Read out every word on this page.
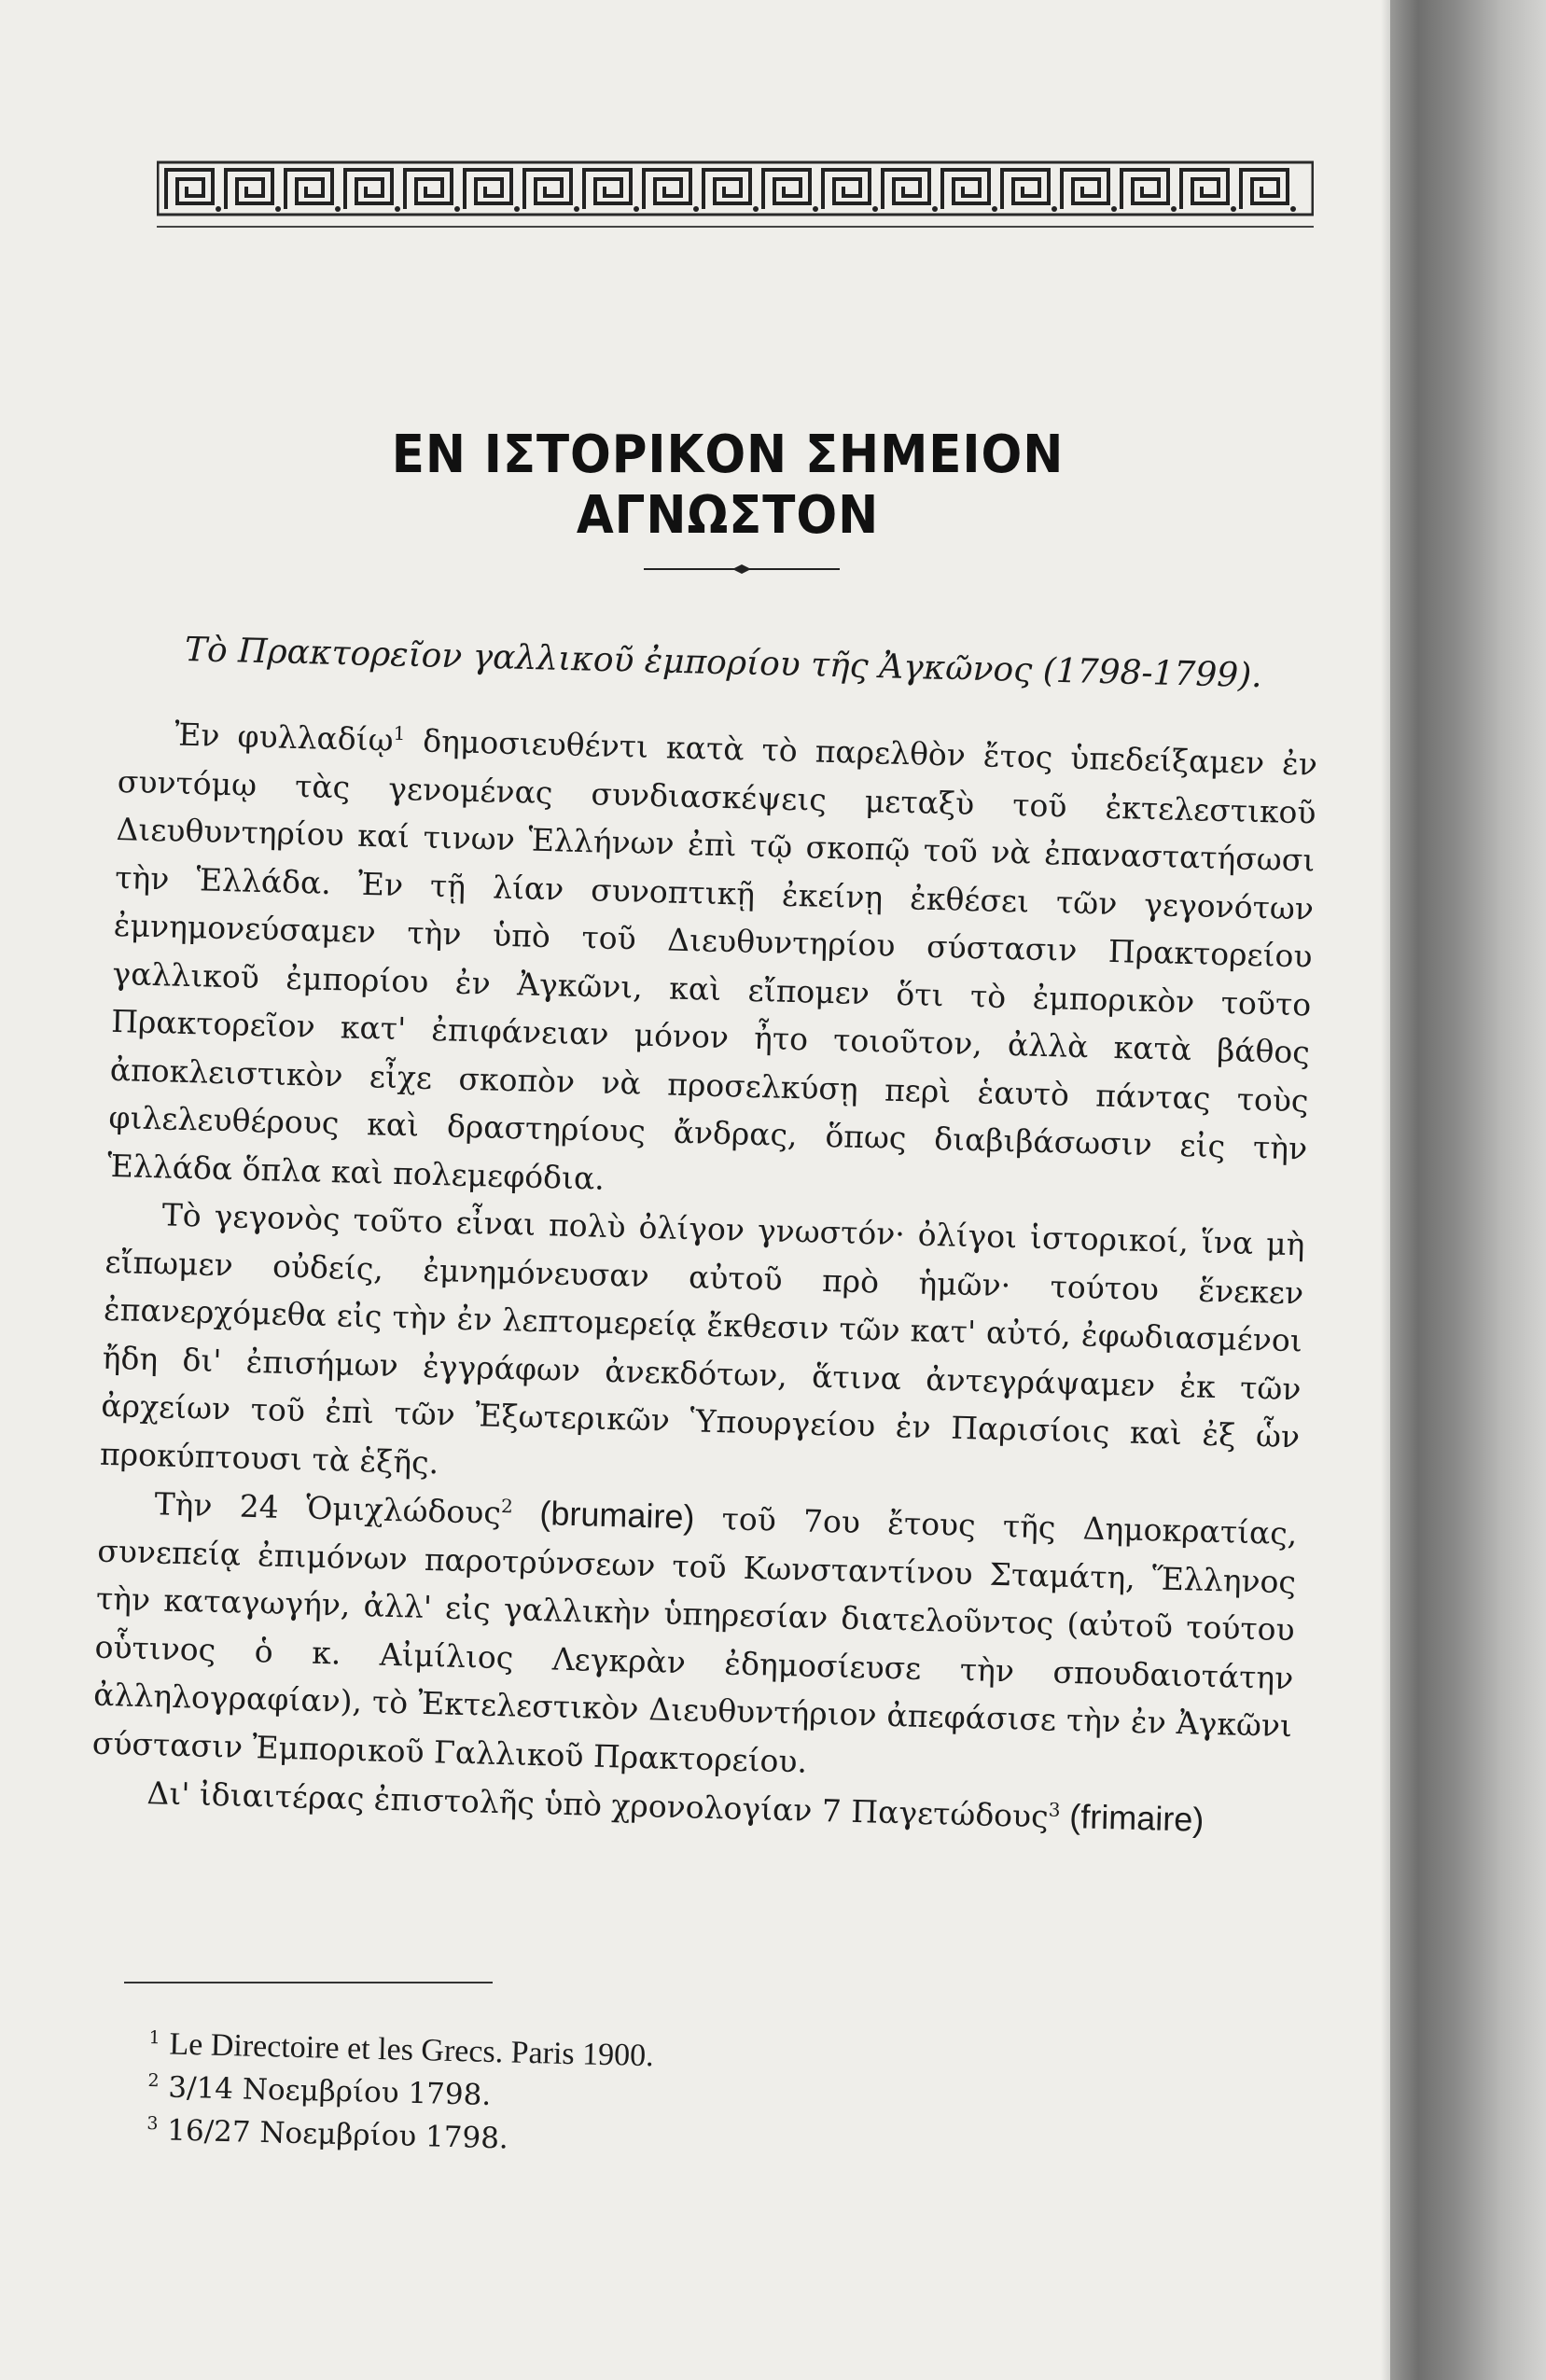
ΕΝ ΙΣΤΟΡΙΚΟΝ ΣΗΜΕΙΟΝ ΑΓΝΩΣΤΟΝ
Τὸ Πρακτορεῖον γαλλικοῦ ἐμπορίου τῆς Ἀγκῶνος (1798-1799).

Ἐν φυλλαδίῳ$^1$ δημοσιευθέντι κατὰ τὸ παρελθὸν ἔτος ὑπεδείξαμεν ἐν συντόμῳ τὰς γενομένας συνδιασκέψεις μεταξὺ τοῦ ἐκτελεστικοῦ Διευθυντηρίου καί τινων Ἑλλήνων ἐπὶ τῷ σκοπῷ τοῦ νὰ ἐπαναστατήσωσι τὴν Ἑλλάδα. Ἐν τῇ λίαν συνοπτικῇ ἐκείνῃ ἐκθέσει τῶν γεγονότων ἐμνημονεύσαμεν τὴν ὑπὸ τοῦ Διευθυντηρίου σύστασιν Πρακτορείου γαλλικοῦ ἐμπορίου ἐν Ἀγκῶνι, καὶ εἴπομεν ὅτι τὸ ἐμπορικὸν τοῦτο Πρακτορεῖον κατ' ἐπιφάνειαν μόνον ἦτο τοιοῦτον, ἀλλὰ κατὰ βάθος ἀποκλειστικὸν εἶχε σκοπὸν νὰ προσελκύσῃ περὶ ἑαυτὸ πάντας τοὺς φιλελευθέρους καὶ δραστηρίους ἄνδρας, ὅπως διαβιβάσωσιν εἰς τὴν Ἑλλάδα ὅπλα καὶ πολεμεφόδια.

Τὸ γεγονὸς τοῦτο εἶναι πολὺ ὀλίγον γνωστόν· ὀλίγοι ἱστορικοί, ἵνα μὴ εἴπωμεν οὐδείς, ἐμνημόνευσαν αὐτοῦ πρὸ ἡμῶν· τούτου ἕνεκεν ἐπανερχόμεθα εἰς τὴν ἐν λεπτομερείᾳ ἔκθεσιν τῶν κατ' αὐτό, ἐφωδιασμένοι ἤδη δι' ἐπισήμων ἐγγράφων ἀνεκδότων, ἅτινα ἀντεγράψαμεν ἐκ τῶν ἀρχείων τοῦ ἐπὶ τῶν Ἐξωτερικῶν Ὑπουργείου ἐν Παρισίοις καὶ ἐξ ὧν προκύπτουσι τὰ ἑξῆς.

Τὴν 24 Ὁμιχλώδους$^2$ (brumaire) τοῦ 7ου ἔτους τῆς Δημοκρατίας, συνεπείᾳ ἐπιμόνων παροτρύνσεων τοῦ Κωνσταντίνου Σταμάτη, Ἕλληνος τὴν καταγωγήν, ἀλλ' εἰς γαλλικὴν ὑπηρεσίαν διατελοῦντος (αὐτοῦ τούτου οὗτινος ὁ κ. Αἰμίλιος Λεγκρὰν ἐδημοσίευσε τὴν σπουδαιοτάτην ἀλληλογραφίαν), τὸ Ἐκτελεστικὸν Διευθυντήριον ἀπεφάσισε τὴν ἐν Ἀγκῶνι σύστασιν Ἐμπορικοῦ Γαλλικοῦ Πρακτορείου.

Δι' ἰδιαιτέρας ἐπιστολῆς ὑπὸ χρονολογίαν 7 Παγετώδους$^3$ (frimaire)

$^1$ Le Directoire et les Grecs. Paris 1900.
$^2$ 3/14 Νοεμβρίου 1798.
$^3$ 16/27 Νοεμβρίου 1798.
